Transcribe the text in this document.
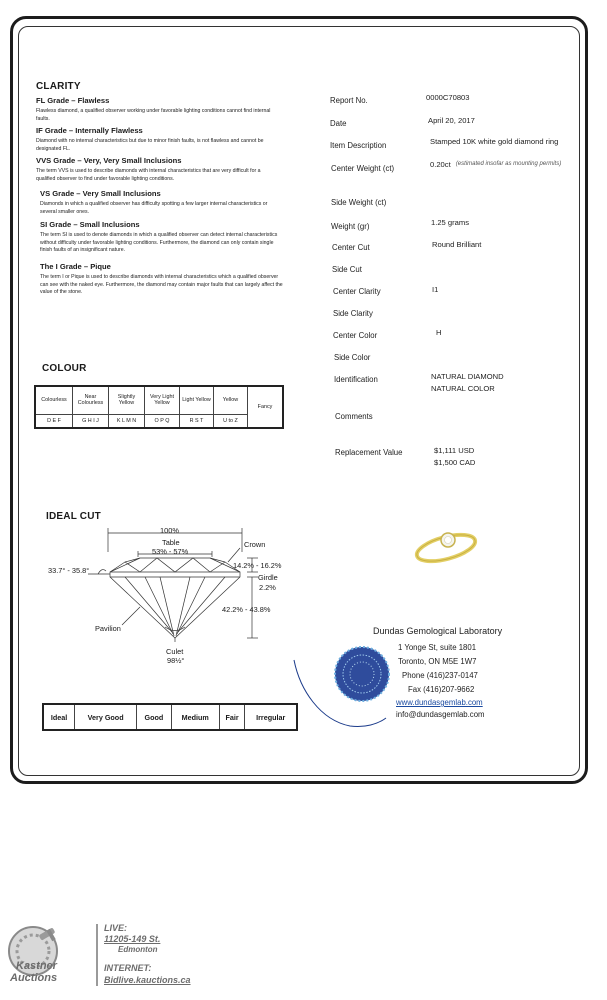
CLARITY
FL Grade – Flawless
Flawless diamond, a qualified observer working under favorable lighting conditions cannot find internal faults.
IF Grade – Internally Flawless
Diamond with no internal characteristics but due to minor finish faults, is not flawless and cannot be designated FL.
VVS Grade – Very, Very Small Inclusions
The term VVS is used to describe diamonds with internal characteristics that are very difficult for a qualified observer to find under favorable lighting conditions.
VS Grade – Very Small Inclusions
Diamonds in which a qualified observer has difficulty spotting a few larger internal characteristics or several smaller ones.
SI Grade – Small Inclusions
The term SI is used to denote diamonds in which a qualified observer can detect internal characteristics without difficulty under favorable lighting conditions. Furthermore, the diamond can only contain single finish faults of an insignificant nature.
The I Grade – Pique
The term I or Pique is used to describe diamonds with internal characteristics which a qualified observer can see with the naked eye. Furthermore, the diamond may contain major faults that can largely affect the value of the stone.
COLOUR
Colourless	Near Colourless	Slightly Yellow	Very Light Yellow	Light Yellow	Yellow	Fancy
D E F	G H I J	K L M N	O P Q	R S T	U to Z	
IDEAL CUT
100%
Table
53% - 57%
Crown
33.7° - 35.8°
14.2% - 16.2%
Girdle
2.2%
Pavilion
42.2% - 43.8%
Culet
98½°
Ideal	Very Good	Good	Medium	Fair	Irregular
Report No.	0000C70803
Date	April 20, 2017
Item Description	Stamped 10K white gold diamond ring
Center Weight (ct)	0.20ct (estimated insofar as mounting permits)
Side Weight (ct)
Weight (gr)	1.25 grams
Center Cut	Round Brilliant
Side Cut
Center Clarity	I1
Side Clarity
Center Color	H
Side Color
Identification	NATURAL DIAMOND
NATURAL COLOR
Comments
Replacement Value	$1,111 USD
$1,500 CAD
Dundas Gemological Laboratory
1 Yonge St, suite 1801
Toronto, ON M5E 1W7
Phone (416)237-0147
Fax (416)207-9662
www.dundasgemlab.com
info@dundasgemlab.com
Kastner
Auctions
LIVE:
11205-149 St.
Edmonton
INTERNET:
Bidlive.kauctions.ca
